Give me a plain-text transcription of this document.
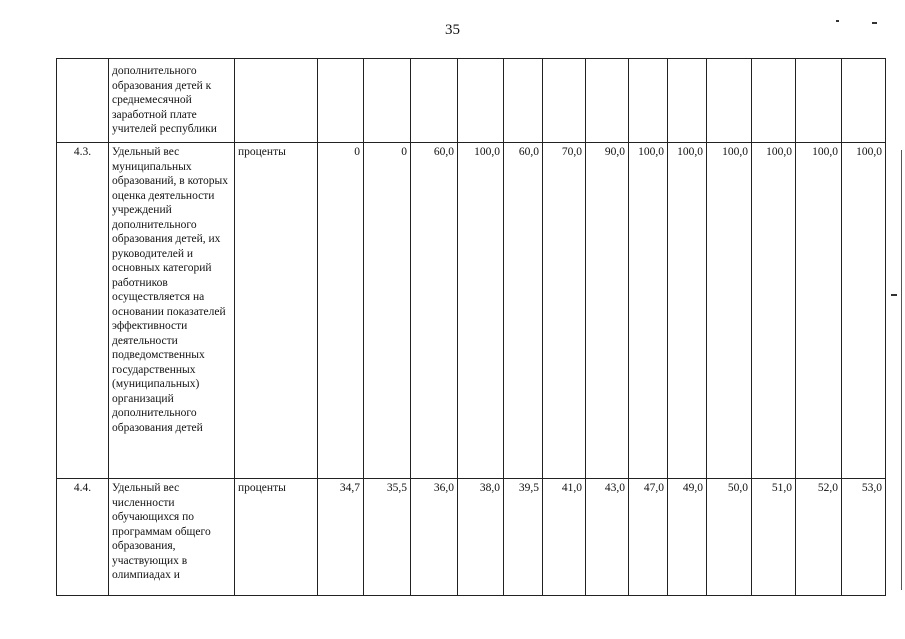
35

	дополнительного образования детей к среднемесячной заработной плате учителей республики														

4.3.	Удельный вес муниципальных образований, в которых оценка деятельности учреждений дополнительного образования детей, их руководителей и основных категорий работников осуществляется на основании показателей эффективности деятельности подведомственных государственных (муниципальных) организаций дополнительного образования детей	проценты	0	0	60,0	100,0	60,0	70,0	90,0	100,0	100,0	100,0	100,0	100,0	100,0
4.4.	Удельный вес численности обучающихся по программам общего образования, участвующих в олимпиадах и	проценты	34,7	35,5	36,0	38,0	39,5	41,0	43,0	47,0	49,0	50,0	51,0	52,0	53,0
